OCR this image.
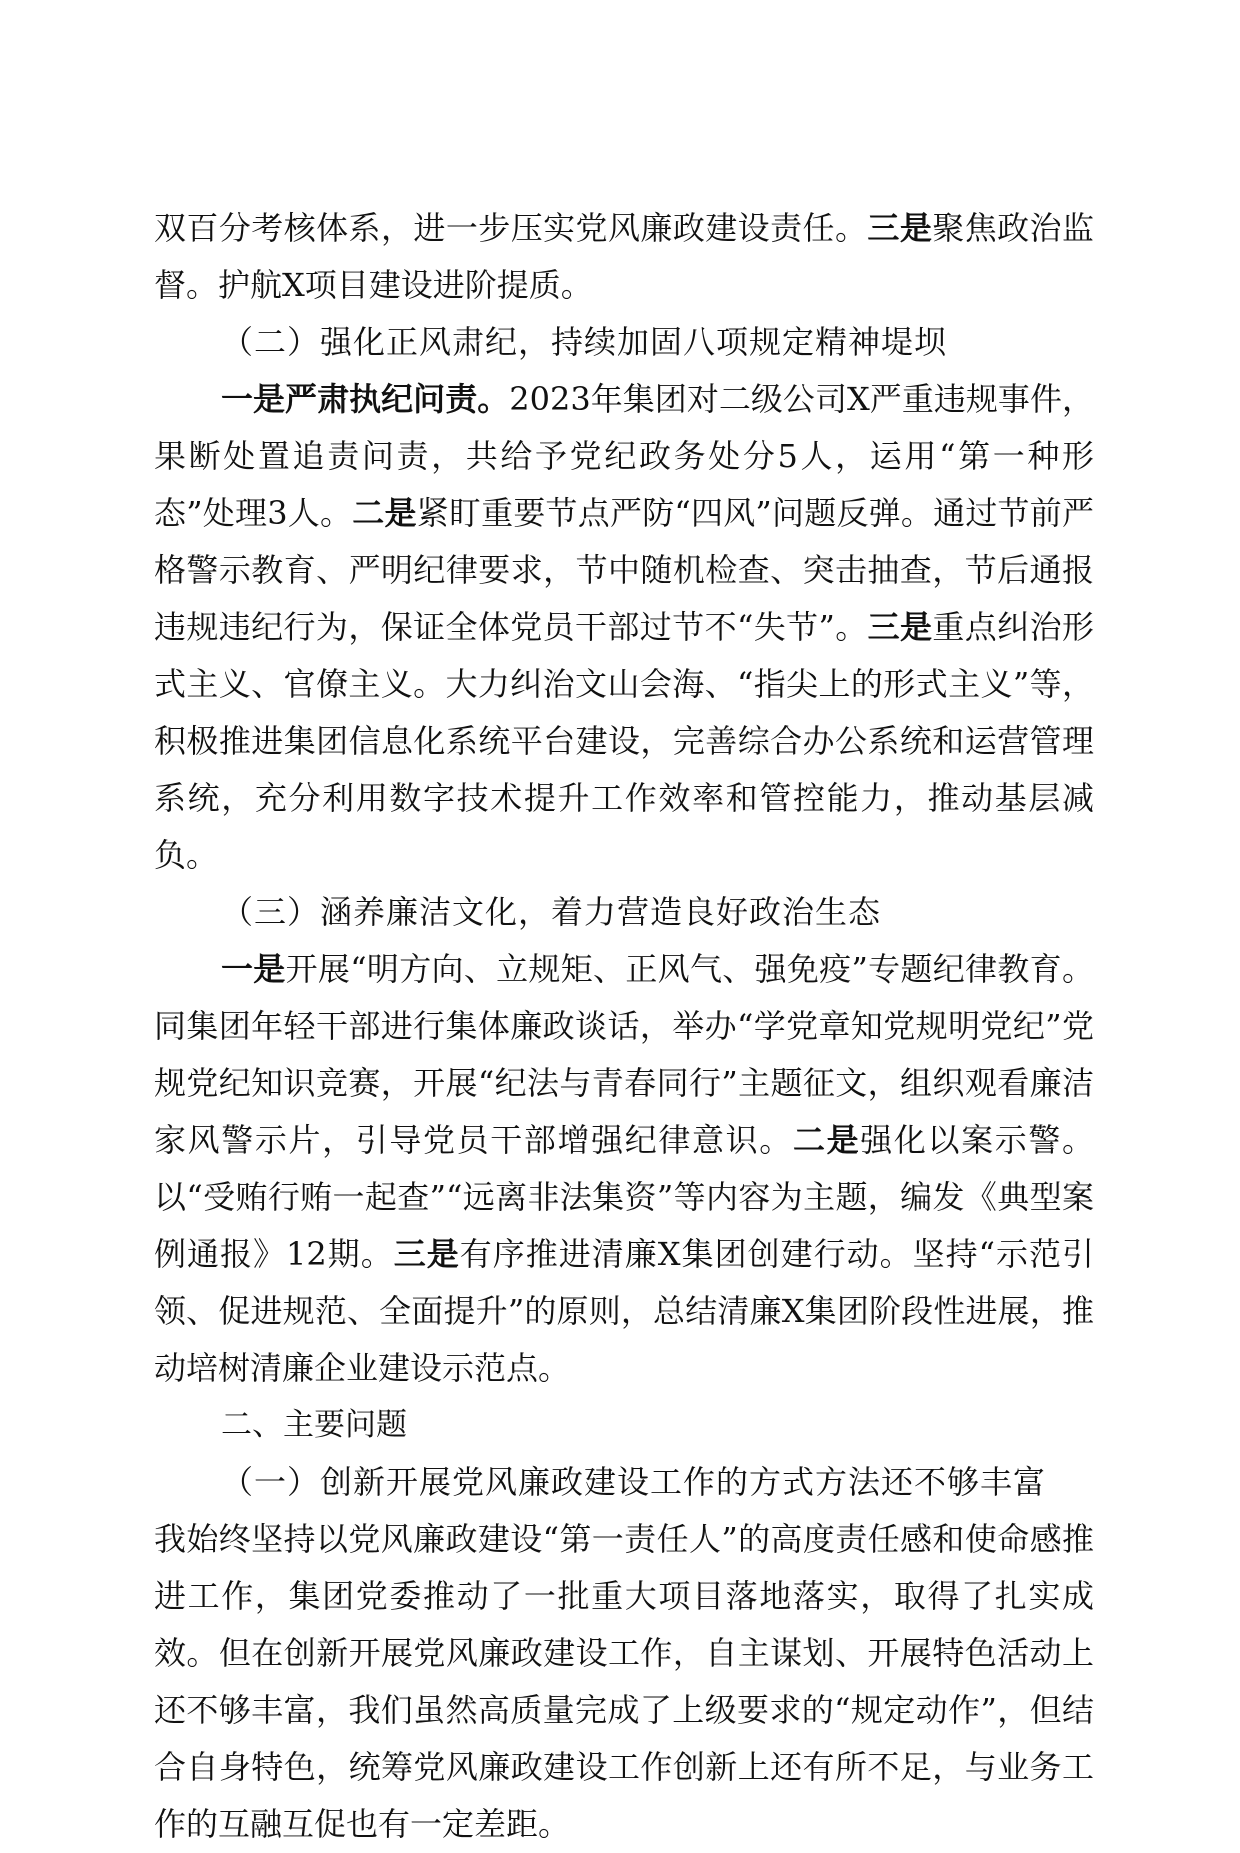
双百分考核体系，进一步压实党风廉政建设责任。三是聚焦政治监督。护航X项目建设进阶提质。

（二）强化正风肃纪，持续加固八项规定精神堤坝

一是严肃执纪问责。2023年集团对二级公司X严重违规事件，果断处置追责问责，共给予党纪政务处分5人，运用“第一种形态”处理3人。二是紧盯重要节点严防“四风”问题反弹。通过节前严格警示教育、严明纪律要求，节中随机检查、突击抽查，节后通报违规违纪行为，保证全体党员干部过节不“失节”。三是重点纠治形式主义、官僚主义。大力纠治文山会海、“指尖上的形式主义”等，积极推进集团信息化系统平台建设，完善综合办公系统和运营管理系统，充分利用数字技术提升工作效率和管控能力，推动基层减负。

（三）涵养廉洁文化，着力营造良好政治生态

一是开展“明方向、立规矩、正风气、强免疫”专题纪律教育。同集团年轻干部进行集体廉政谈话，举办“学党章知党规明党纪”党规党纪知识竞赛，开展“纪法与青春同行”主题征文，组织观看廉洁家风警示片，引导党员干部增强纪律意识。二是强化以案示警。以“受贿行贿一起查”“远离非法集资”等内容为主题，编发《典型案例通报》12期。三是有序推进清廉X集团创建行动。坚持“示范引领、促进规范、全面提升”的原则，总结清廉X集团阶段性进展，推动培树清廉企业建设示范点。

二、主要问题

（一）创新开展党风廉政建设工作的方式方法还不够丰富

我始终坚持以党风廉政建设“第一责任人”的高度责任感和使命感推进工作，集团党委推动了一批重大项目落地落实，取得了扎实成效。但在创新开展党风廉政建设工作，自主谋划、开展特色活动上还不够丰富，我们虽然高质量完成了上级要求的“规定动作”，但结合自身特色，统筹党风廉政建设工作创新上还有所不足，与业务工作的互融互促也有一定差距。
